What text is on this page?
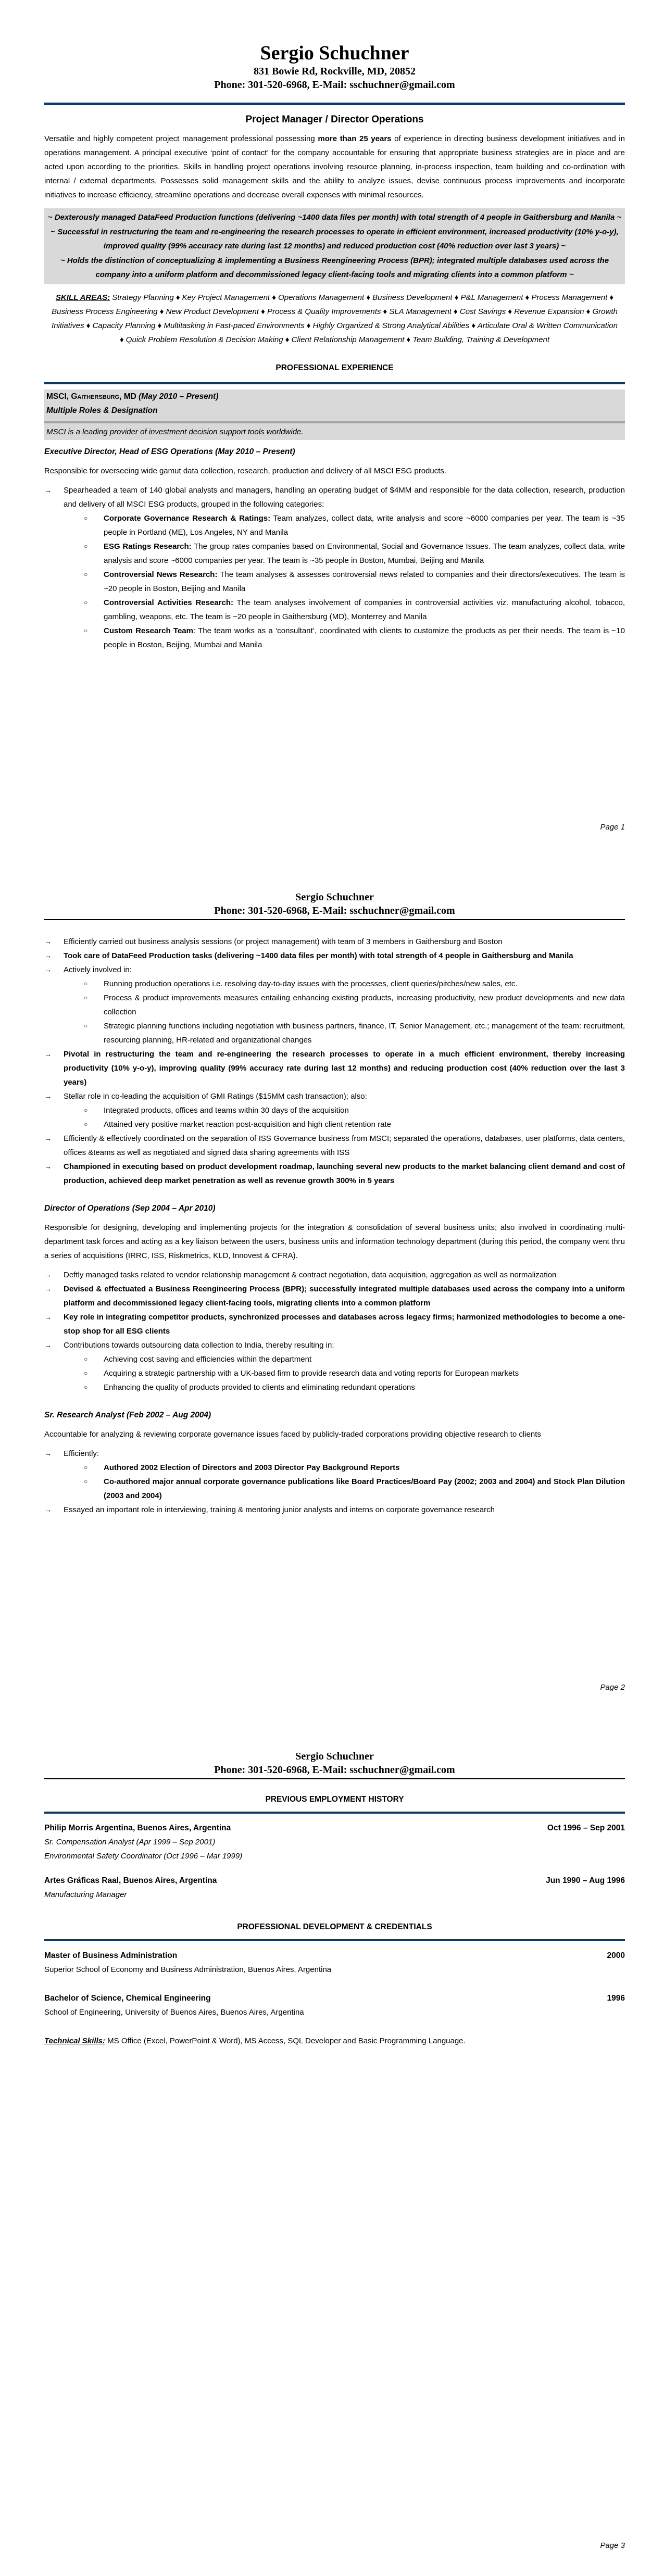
Sergio Schuchner
831 Bowie Rd, Rockville, MD, 20852
Phone: 301-520-6968, E-Mail: sschuchner@gmail.com
Project Manager / Director Operations

Versatile and highly competent project management professional possessing more than 25 years of experience in directing business development initiatives and in operations management. A principal executive ‘point of contact’ for the company accountable for ensuring that appropriate business strategies are in place and are acted upon according to the priorities. Skills in handling project operations involving resource planning, in-process inspection, team building and co-ordination with internal / external departments. Possesses solid management skills and the ability to analyze issues, devise continuous process improvements and incorporate initiatives to increase efficiency, streamline operations and decrease overall expenses with minimal resources.

~ Dexterously managed DataFeed Production functions (delivering ~1400 data files per month) with total strength of 4 people in Gaithersburg and Manila ~
~ Successful in restructuring the team and re-engineering the research processes to operate in efficient environment, increased productivity (10% y-o-y), improved quality (99% accuracy rate during last 12 months) and reduced production cost (40% reduction over last 3 years) ~
~ Holds the distinction of conceptualizing & implementing a Business Reengineering Process (BPR); integrated multiple databases used across the company into a uniform platform and decommissioned legacy client-facing tools and migrating clients into a common platform ~
SKILL AREAS: Strategy Planning ♦ Key Project Management ♦ Operations Management ♦ Business Development ♦ P&L Management ♦ Process Management ♦ Business Process Engineering ♦ New Product Development ♦ Process & Quality Improvements ♦ SLA Management ♦ Cost Savings ♦ Revenue Expansion ♦ Growth Initiatives ♦ Capacity Planning ♦ Multitasking in Fast-paced Environments ♦ Highly Organized & Strong Analytical Abilities ♦ Articulate Oral & Written Communication ♦ Quick Problem Resolution & Decision Making ♦ Client Relationship Management ♦ Team Building, Training & Development
PROFESSIONAL EXPERIENCE
MSCI, Gaithersburg, MD (May 2010 – Present)
Multiple Roles & Designation
MSCI is a leading provider of investment decision support tools worldwide.
Executive Director, Head of ESG Operations (May 2010 – Present)

Responsible for overseeing wide gamut data collection, research, production and delivery of all MSCI ESG products.

→ Spearheaded a team of 140 global analysts and managers, handling an operating budget of $4MM and responsible for the data collection, research, production and delivery of all MSCI ESG products, grouped in the following categories:
○ Corporate Governance Research & Ratings: Team analyzes, collect data, write analysis and score ~6000 companies per year. The team is ~35 people in Portland (ME), Los Angeles, NY and Manila
○ ESG Ratings Research: The group rates companies based on Environmental, Social and Governance Issues. The team analyzes, collect data, write analysis and score ~6000 companies per year. The team is ~35 people in Boston, Mumbai, Beijing and Manila
○ Controversial News Research: The team analyses & assesses controversial news related to companies and their directors/executives. The team is ~20 people in Boston, Beijing and Manila
○ Controversial Activities Research: The team analyses involvement of companies in controversial activities viz. manufacturing alcohol, tobacco, gambling, weapons, etc. The team is ~20 people in Gaithersburg (MD), Monterrey and Manila
○ Custom Research Team: The team works as a ‘consultant’, coordinated with clients to customize the products as per their needs. The team is ~10 people in Boston, Beijing, Mumbai and Manila
Page 1
Sergio Schuchner
Phone: 301-520-6968, E-Mail: sschuchner@gmail.com
→ Efficiently carried out business analysis sessions (or project management) with team of 3 members in Gaithersburg and Boston
→ Took care of DataFeed Production tasks (delivering ~1400 data files per month) with total strength of 4 people in Gaithersburg and Manila
→ Actively involved in:
○ Running production operations i.e. resolving day-to-day issues with the processes, client queries/pitches/new sales, etc.
○ Process & product improvements measures entailing enhancing existing products, increasing productivity, new product developments and new data collection
○ Strategic planning functions including negotiation with business partners, finance, IT, Senior Management, etc.; management of the team: recruitment, resourcing planning, HR-related and organizational changes
→ Pivotal in restructuring the team and re-engineering the research processes to operate in a much efficient environment, thereby increasing productivity (10% y-o-y), improving quality (99% accuracy rate during last 12 months) and reducing production cost (40% reduction over the last 3 years)
→ Stellar role in co-leading the acquisition of GMI Ratings ($15MM cash transaction); also:
○ Integrated products, offices and teams within 30 days of the acquisition
○ Attained very positive market reaction post-acquisition and high client retention rate
→ Efficiently & effectively coordinated on the separation of ISS Governance business from MSCI; separated the operations, databases, user platforms, data centers, offices &teams as well as negotiated and signed data sharing agreements with ISS
→ Championed in executing based on product development roadmap, launching several new products to the market balancing client demand and cost of production, achieved deep market penetration as well as revenue growth 300% in 5 years
Director of Operations (Sep 2004 – Apr 2010)

Responsible for designing, developing and implementing projects for the integration & consolidation of several business units; also involved in coordinating multi-department task forces and acting as a key liaison between the users, business units and information technology department (during this period, the company went thru a series of acquisitions (IRRC, ISS, Riskmetrics, KLD, Innovest & CFRA).

→ Deftly managed tasks related to vendor relationship management & contract negotiation, data acquisition, aggregation as well as normalization
→ Devised & effectuated a Business Reengineering Process (BPR); successfully integrated multiple databases used across the company into a uniform platform and decommissioned legacy client-facing tools, migrating clients into a common platform
→ Key role in integrating competitor products, synchronized processes and databases across legacy firms; harmonized methodologies to become a one-stop shop for all ESG clients
→ Contributions towards outsourcing data collection to India, thereby resulting in:
○ Achieving cost saving and efficiencies within the department
○ Acquiring a strategic partnership with a UK-based firm to provide research data and voting reports for European markets
○ Enhancing the quality of products provided to clients and eliminating redundant operations
Sr. Research Analyst (Feb 2002 – Aug 2004)

Accountable for analyzing & reviewing corporate governance issues faced by publicly-traded corporations providing objective research to clients

→ Efficiently:
○ Authored 2002 Election of Directors and 2003 Director Pay Background Reports
○ Co-authored major annual corporate governance publications like Board Practices/Board Pay (2002; 2003 and 2004) and Stock Plan Dilution (2003 and 2004)
→ Essayed an important role in interviewing, training & mentoring junior analysts and interns on corporate governance research
Page 2
Sergio Schuchner
Phone: 301-520-6968, E-Mail: sschuchner@gmail.com
PREVIOUS EMPLOYMENT HISTORY
Philip Morris Argentina, Buenos Aires, Argentina	Oct 1996 – Sep 2001
Sr. Compensation Analyst (Apr 1999 – Sep 2001)
Environmental Safety Coordinator (Oct 1996 – Mar 1999)
Artes Gráficas Raal, Buenos Aires, Argentina	Jun 1990 – Aug 1996
Manufacturing Manager
PROFESSIONAL DEVELOPMENT & CREDENTIALS
Master of Business Administration	2000

Superior School of Economy and Business Administration, Buenos Aires, Argentina

Bachelor of Science, Chemical Engineering	1996

School of Engineering, University of Buenos Aires, Buenos Aires, Argentina

Technical Skills: MS Office (Excel, PowerPoint & Word), MS Access, SQL Developer and Basic Programming Language.

Page 3
